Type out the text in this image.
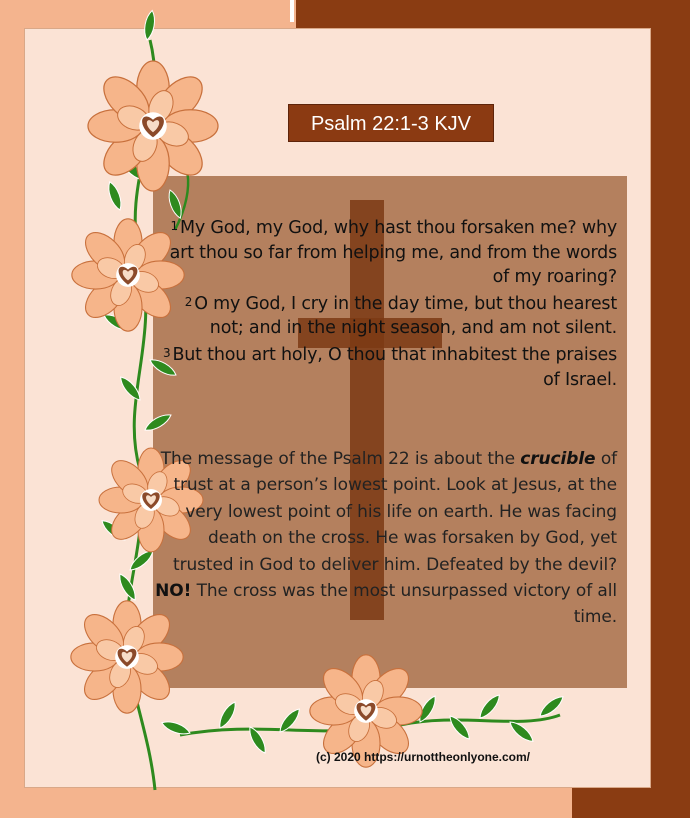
Psalm 22:1-3 KJV

$^1$ My God, my God, why hast thou forsaken me? why art thou so far from helping me, and from the words of my roaring?

$^2$ O my God, I cry in the day time, but thou hearest not; and in the night season, and am not silent.

$^3$ But thou art holy, O thou that inhabitest the praises of Israel.

The message of the Psalm 22 is about the crucible of trust at a person’s lowest point. Look at Jesus, at the very lowest point of his life on earth. He was facing death on the cross. He was forsaken by God, yet trusted in God to deliver him. Defeated by the devil? NO! The cross was the most unsurpassed victory of all time.
(c) 2020 https://urnottheonlyone.com/
